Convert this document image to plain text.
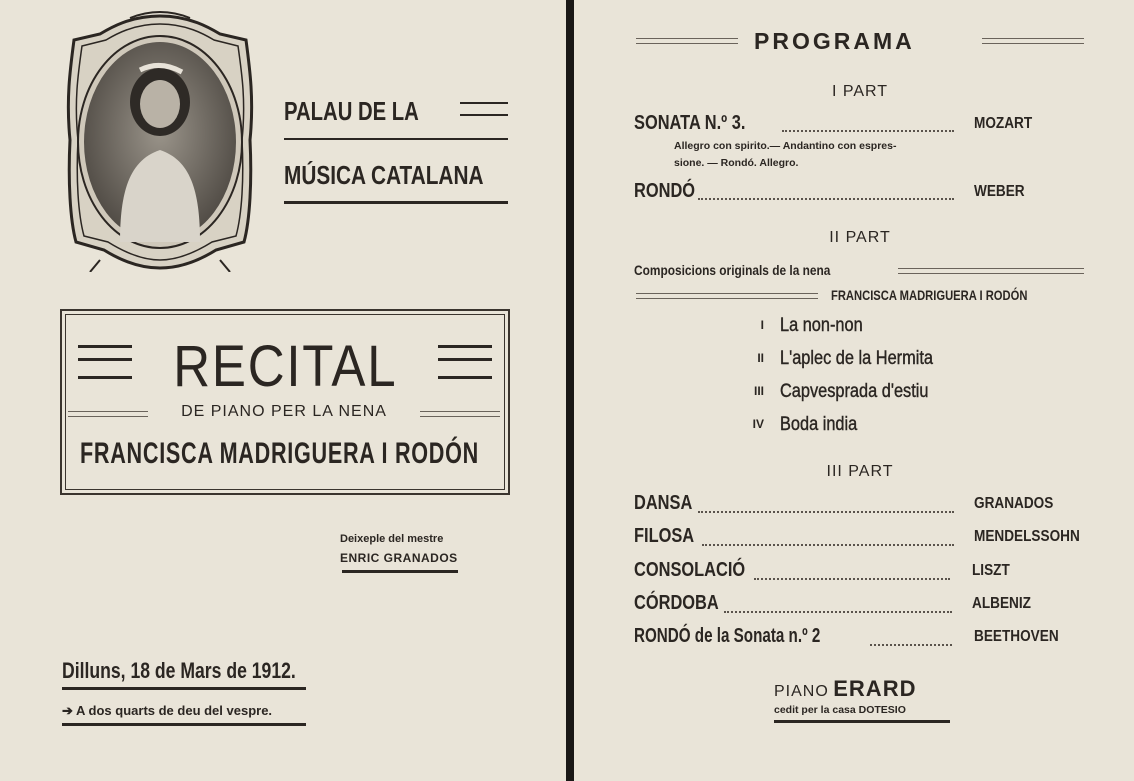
PALAU DE LA
MÚSICA CATALANA
RECITAL
DE PIANO PER LA NENA
FRANCISCA MADRIGUERA I RODÓN
Deixeple del mestre
ENRIC GRANADOS
Dilluns, 18 de Mars de 1912.
➔ A dos quarts de deu del vespre.
PROGRAMA
I PART
SONATA N.º 3.	MOZART
Allegro con spirito.— Andantino con espres-
sione. — Rondó. Allegro.
RONDÓ	WEBER
II PART
Composicions originals de la nena
FRANCISCA MADRIGUERA I RODÓN
I La non-non
II L'aplec de la Hermita
III Capvesprada d'estiu
IV Boda india
III PART
DANSA	GRANADOS
FILOSA	MENDELSSOHN
CONSOLACIÓ	LISZT
CÓRDOBA	ALBENIZ
RONDÓ de la Sonata n.º 2	BEETHOVEN
PIANO ERARD
cedit per la casa DOTESIO
